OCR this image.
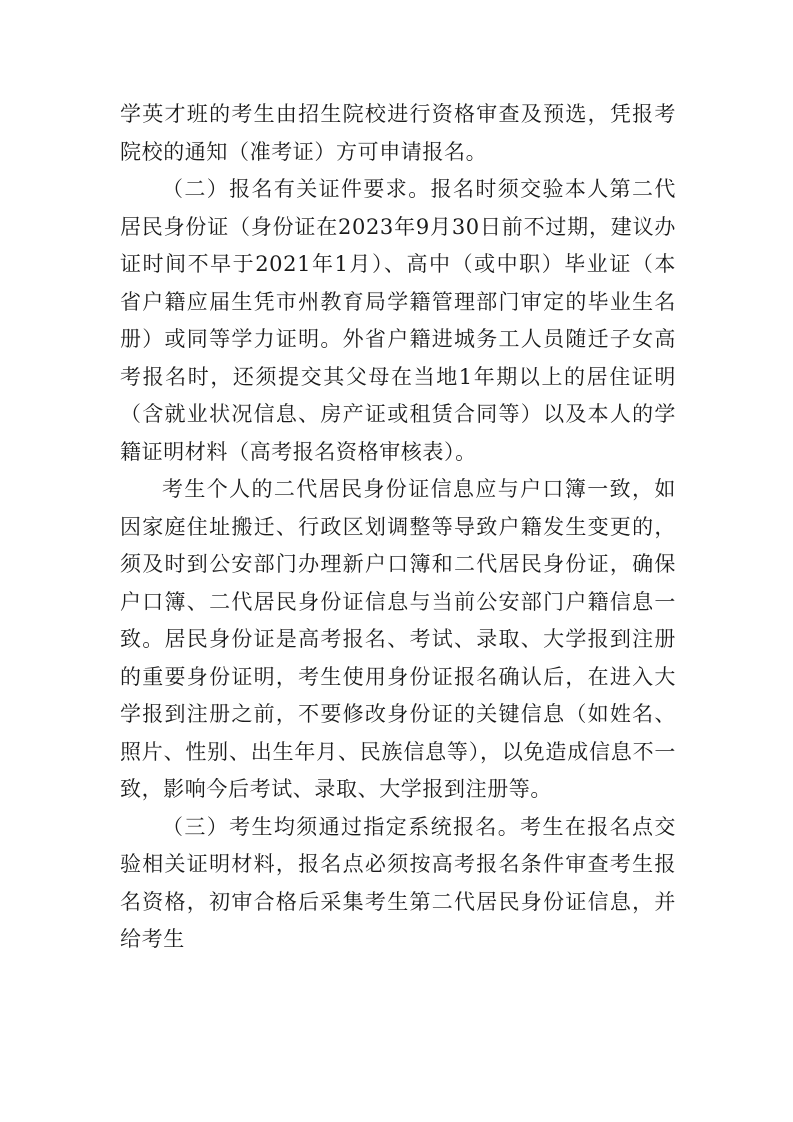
学英才班的考生由招生院校进行资格审查及预选，凭报考院校的通知（准考证）方可申请报名。

（二）报名有关证件要求。报名时须交验本人第二代居民身份证（身份证在2023年9月30日前不过期，建议办证时间不早于2021年1月）、高中（或中职）毕业证（本省户籍应届生凭市州教育局学籍管理部门审定的毕业生名册）或同等学力证明。外省户籍进城务工人员随迁子女高考报名时，还须提交其父母在当地1年期以上的居住证明（含就业状况信息、房产证或租赁合同等）以及本人的学籍证明材料（高考报名资格审核表）。

考生个人的二代居民身份证信息应与户口簿一致，如因家庭住址搬迁、行政区划调整等导致户籍发生变更的，须及时到公安部门办理新户口簿和二代居民身份证，确保户口簿、二代居民身份证信息与当前公安部门户籍信息一致。居民身份证是高考报名、考试、录取、大学报到注册的重要身份证明，考生使用身份证报名确认后，在进入大学报到注册之前，不要修改身份证的关键信息（如姓名、照片、性别、出生年月、民族信息等），以免造成信息不一致，影响今后考试、录取、大学报到注册等。

（三）考生均须通过指定系统报名。考生在报名点交验相关证明材料，报名点必须按高考报名条件审查考生报名资格，初审合格后采集考生第二代居民身份证信息，并给考生
